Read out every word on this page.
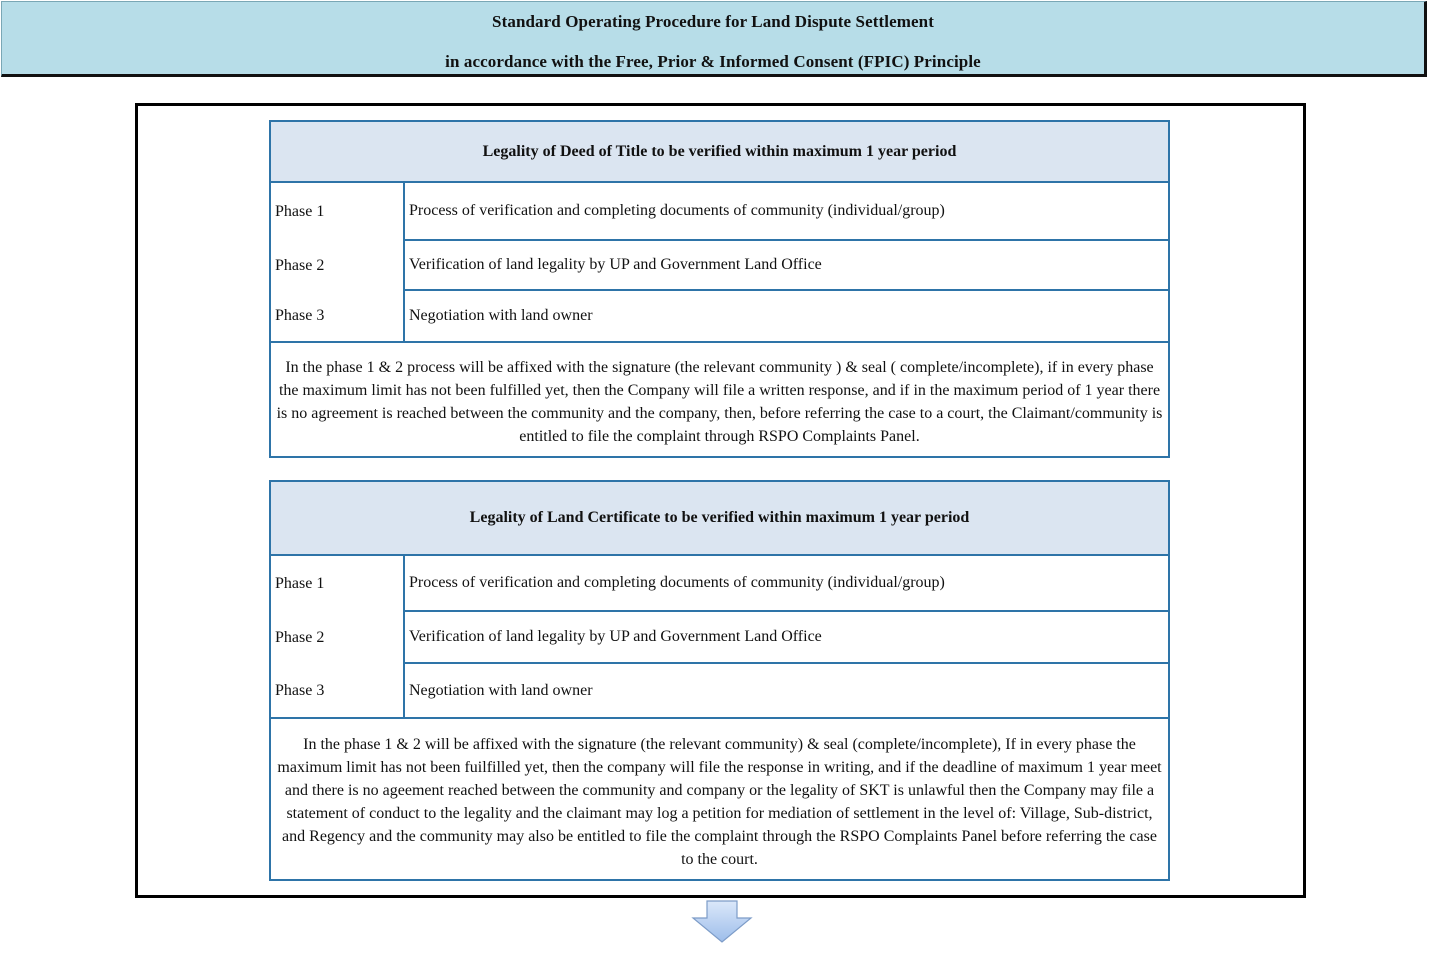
Standard Operating Procedure for Land Dispute Settlement
in accordance with the Free, Prior & Informed Consent (FPIC) Principle
Legality of Deed of Title to be verified within maximum 1 year period
Phase 1
Phase 2
Phase 3
Process of verification and completing documents of community (individual/group)
Verification of land legality by UP and Government Land Office
Negotiation with land owner
In the phase 1 & 2 process will be affixed with the signature (the relevant community ) & seal ( complete/incomplete), if in every phase the maximum limit has not been fulfilled yet, then the Company will file a written response, and if in the maximum period of 1 year there is no agreement is reached between the community and the company, then, before referring the case to a court, the Claimant/community is entitled to file the complaint through RSPO Complaints Panel.
Legality of Land Certificate to be verified within maximum 1 year period
Phase 1
Phase 2
Phase 3
Process of verification and completing documents of community (individual/group)
Verification of land legality by UP and Government Land Office
Negotiation with land owner
In the phase 1 & 2 will be affixed with the signature (the relevant community) & seal (complete/incomplete), If in every phase the maximum limit has not been fuilfilled yet, then the company will file the response in writing, and if the deadline of maximum 1 year meet and there is no ageement reached between the community and company or the legality of SKT is unlawful then the Company may file a statement of conduct to the legality and the claimant may log a petition for mediation of settlement in the level of: Village, Sub-district, and Regency and the community may also be entitled to file the complaint through the RSPO Complaints Panel before referring the case to the court.
